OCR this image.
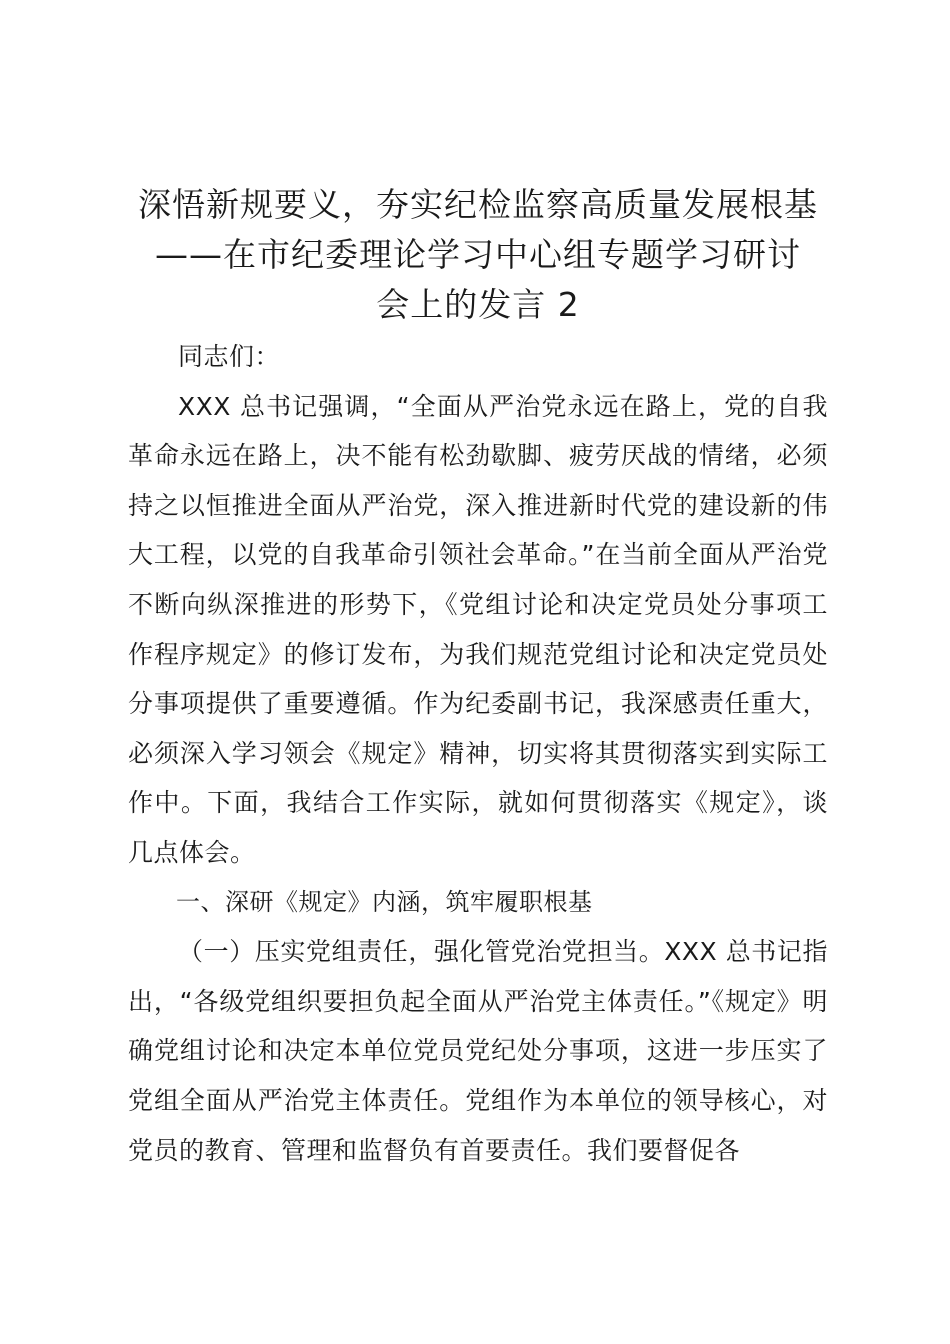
深悟新规要义，夯实纪检监察高质量发展根基
——在市纪委理论学习中心组专题学习研讨
会上的发言 2

同志们：

XXX 总书记强调，“全面从严治党永远在路上，党的自我革命永远在路上，决不能有松劲歇脚、疲劳厌战的情绪，必须持之以恒推进全面从严治党，深入推进新时代党的建设新的伟大工程，以党的自我革命引领社会革命。”在当前全面从严治党不断向纵深推进的形势下，《党组讨论和决定党员处分事项工作程序规定》的修订发布，为我们规范党组讨论和决定党员处分事项提供了重要遵循。作为纪委副书记，我深感责任重大，必须深入学习领会《规定》精神，切实将其贯彻落实到实际工作中。下面，我结合工作实际，就如何贯彻落实《规定》，谈几点体会。

一、深研《规定》内涵，筑牢履职根基

（一）压实党组责任，强化管党治党担当。XXX 总书记指出，“各级党组织要担负起全面从严治党主体责任。”《规定》明确党组讨论和决定本单位党员党纪处分事项，这进一步压实了党组全面从严治党主体责任。党组作为本单位的领导核心，对党员的教育、管理和监督负有首要责任。我们要督促各
